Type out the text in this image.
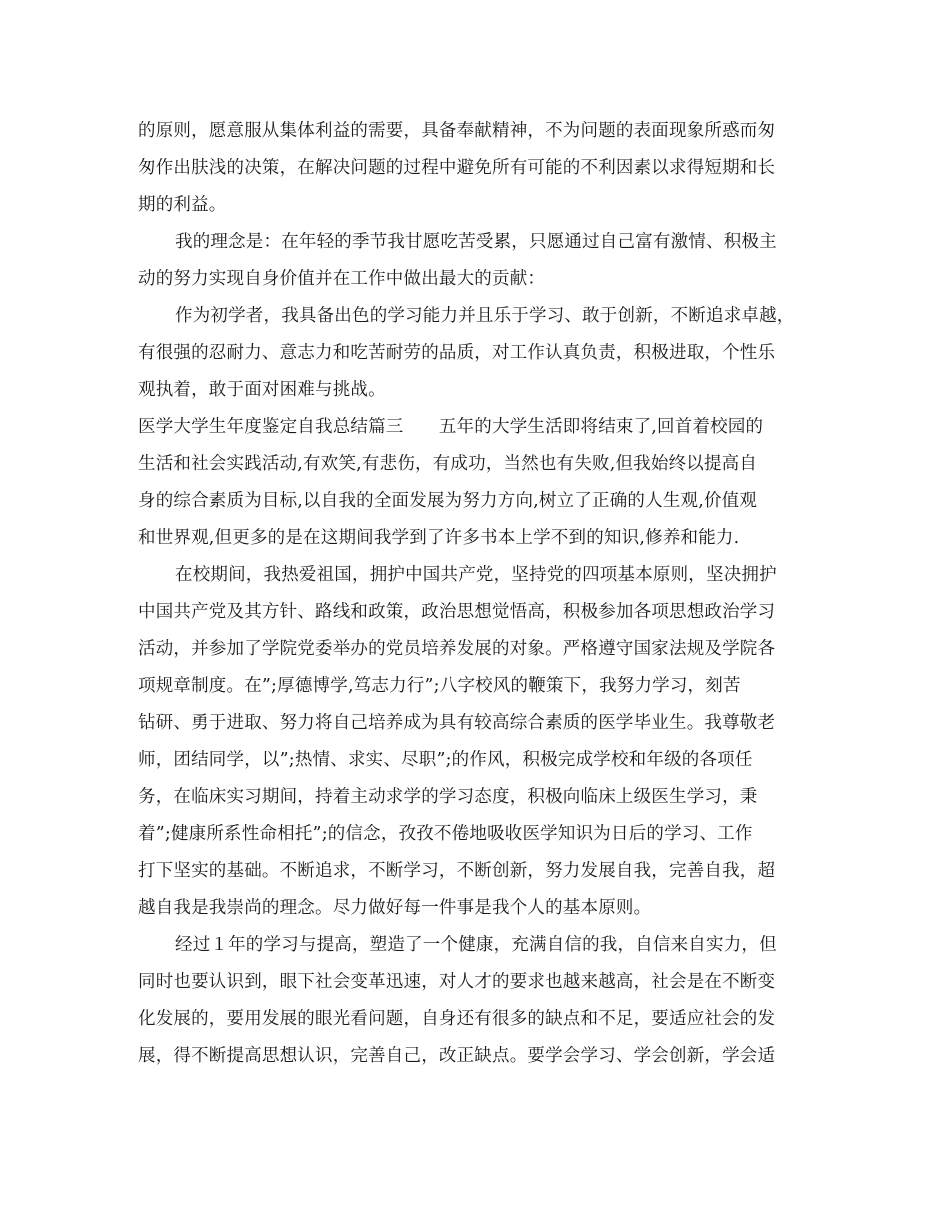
的原则，愿意服从集体利益的需要，具备奉献精神，不为问题的表面现象所惑而匆
匆作出肤浅的决策，在解决问题的过程中避免所有可能的不利因素以求得短期和长
期的利益。
我的理念是：在年轻的季节我甘愿吃苦受累，只愿通过自己富有激情、积极主
动的努力实现自身价值并在工作中做出最大的贡献：
作为初学者，我具备出色的学习能力并且乐于学习、敢于创新，不断追求卓越，
有很强的忍耐力、意志力和吃苦耐劳的品质，对工作认真负责，积极进取，个性乐
观执着，敢于面对困难与挑战。
医学大学生年度鉴定自我总结篇三　　五年的大学生活即将结束了,回首着校园的
生活和社会实践活动,有欢笑,有悲伤，有成功，当然也有失败,但我始终以提高自
身的综合素质为目标,以自我的全面发展为努力方向,树立了正确的人生观,价值观
和世界观,但更多的是在这期间我学到了许多书本上学不到的知识,修养和能力.
在校期间，我热爱祖国，拥护中国共产党，坚持党的四项基本原则，坚决拥护
中国共产党及其方针、路线和政策，政治思想觉悟高，积极参加各项思想政治学习
活动，并参加了学院党委举办的党员培养发展的对象。严格遵守国家法规及学院各
项规章制度。在”;厚德博学,笃志力行”;八字校风的鞭策下，我努力学习，刻苦
钻研、勇于进取、努力将自己培养成为具有较高综合素质的医学毕业生。我尊敬老
师，团结同学，以”;热情、求实、尽职”;的作风，积极完成学校和年级的各项任
务，在临床实习期间，持着主动求学的学习态度，积极向临床上级医生学习，秉
着”;健康所系性命相托”;的信念，孜孜不倦地吸收医学知识为日后的学习、工作
打下坚实的基础。不断追求，不断学习，不断创新，努力发展自我，完善自我，超
越自我是我崇尚的理念。尽力做好每一件事是我个人的基本原则。
经过１年的学习与提高，塑造了一个健康，充满自信的我，自信来自实力，但
同时也要认识到，眼下社会变革迅速，对人才的要求也越来越高，社会是在不断变
化发展的，要用发展的眼光看问题，自身还有很多的缺点和不足，要适应社会的发
展，得不断提高思想认识，完善自己，改正缺点。要学会学习、学会创新，学会适
